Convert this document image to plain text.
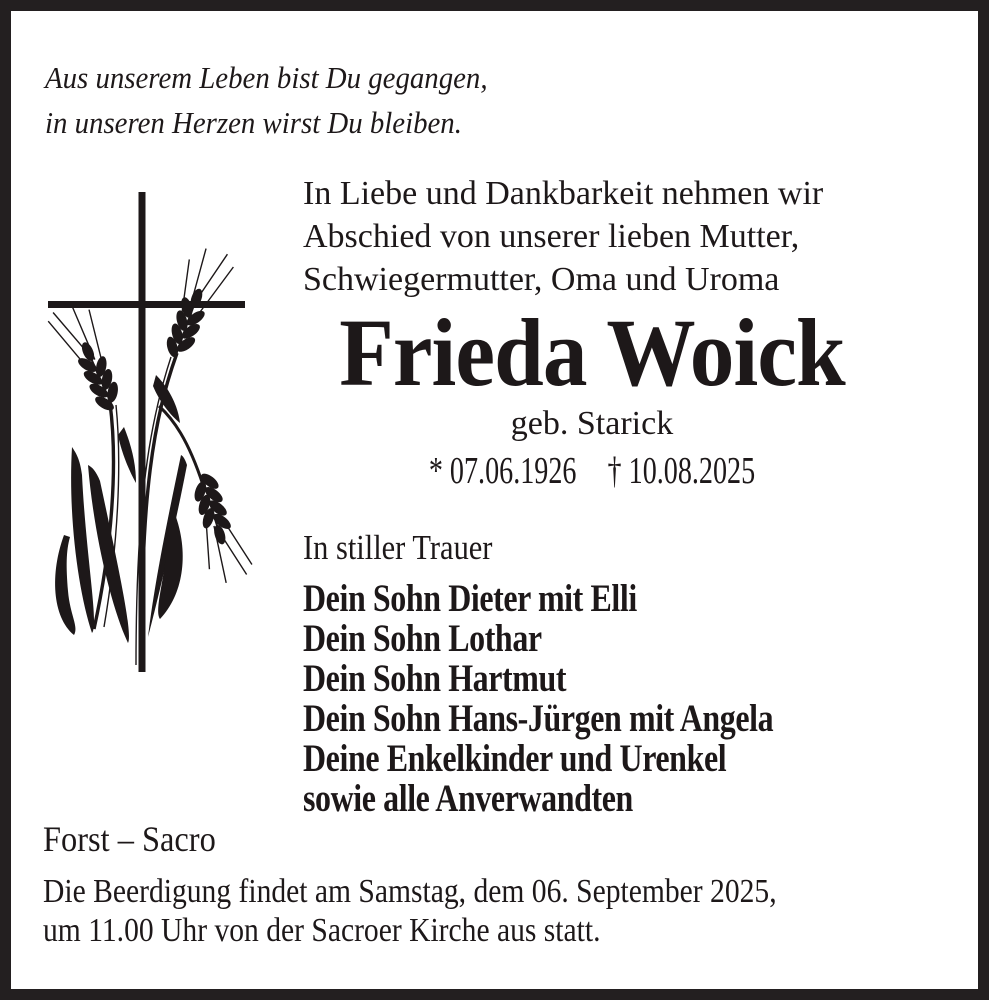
Aus unserem Leben bist Du gegangen,
in unseren Herzen wirst Du bleiben.
In Liebe und Dankbarkeit nehmen wir
Abschied von unserer lieben Mutter,
Schwiegermutter, Oma und Uroma
Frieda Woick
geb. Starick
* 07.06.1926 † 10.08.2025
In stiller Trauer
Dein Sohn Dieter mit Elli
Dein Sohn Lothar
Dein Sohn Hartmut
Dein Sohn Hans-Jürgen mit Angela
Deine Enkelkinder und Urenkel
sowie alle Anverwandten
Forst – Sacro
Die Beerdigung findet am Samstag, dem 06. September 2025,
um 11.00 Uhr von der Sacroer Kirche aus statt.
